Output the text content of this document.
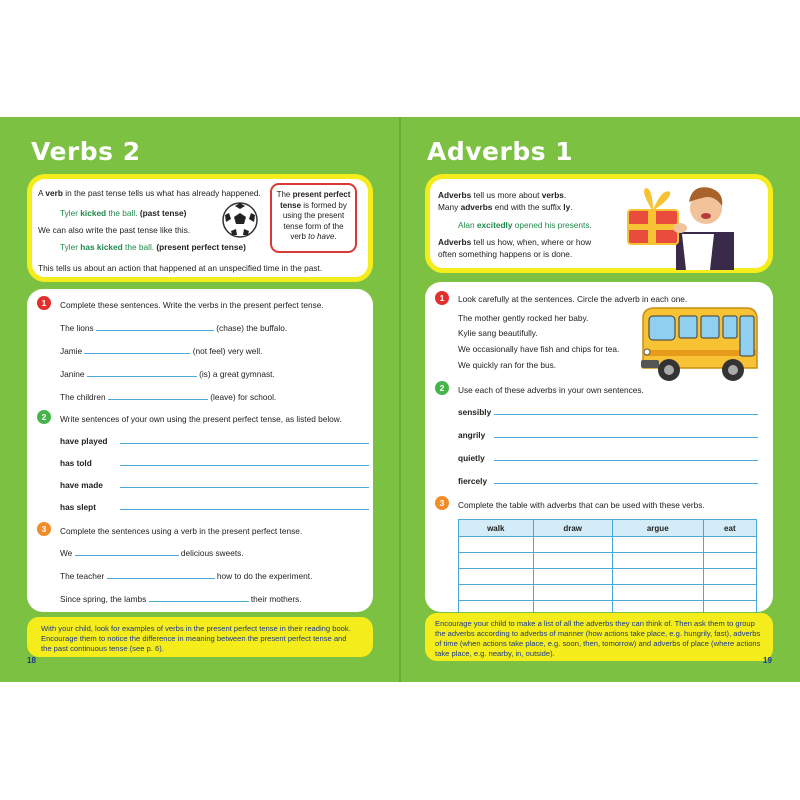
Verbs 2
A verb in the past tense tells us what has already happened.
Tyler kicked the ball. (past tense)
We can also write the past tense like this.
Tyler has kicked the ball. (present perfect tense)
This tells us about an action that happened at an unspecified time in the past.
The present perfect tense is formed by using the present tense form of the verb to have.
1	Complete these sentences. Write the verbs in the present perfect tense.
The lions	(chase) the buffalo.
Jamie	(not feel) very well.
Janine	(is) a great gymnast.
The children	(leave) for school.
2	Write sentences of your own using the present perfect tense, as listed below.
have played
has told
have made
has slept
3	Complete the sentences using a verb in the present perfect tense.
We	delicious sweets.
The teacher	how to do the experiment.
Since spring, the lambs	their mothers.
With your child, look for examples of verbs in the present perfect tense in their reading book. Encourage them to notice the difference in meaning between the present perfect tense and the past continuous tense (see p. 6).
18
Adverbs 1
Adverbs tell us more about verbs.
Many adverbs end with the suffix ly.
Alan excitedly opened his presents.
Adverbs tell us how, when, where or how
often something happens or is done.
1	Look carefully at the sentences. Circle the adverb in each one.
The mother gently rocked her baby.
Kylie sang beautifully.
We occasionally have fish and chips for tea.
We quickly ran for the bus.
2	Use each of these adverbs in your own sentences.
sensibly
angrily
quietly
fiercely
3	Complete the table with adverbs that can be used with these verbs.
walk	draw	argue	eat

Encourage your child to make a list of all the adverbs they can think of. Then ask them to group the adverbs according to adverbs of manner (how actions take place, e.g. hungrily, fast), adverbs of time (when actions take place, e.g. soon, then, tomorrow) and adverbs of place (where actions take place, e.g. nearby, in, outside).
19
